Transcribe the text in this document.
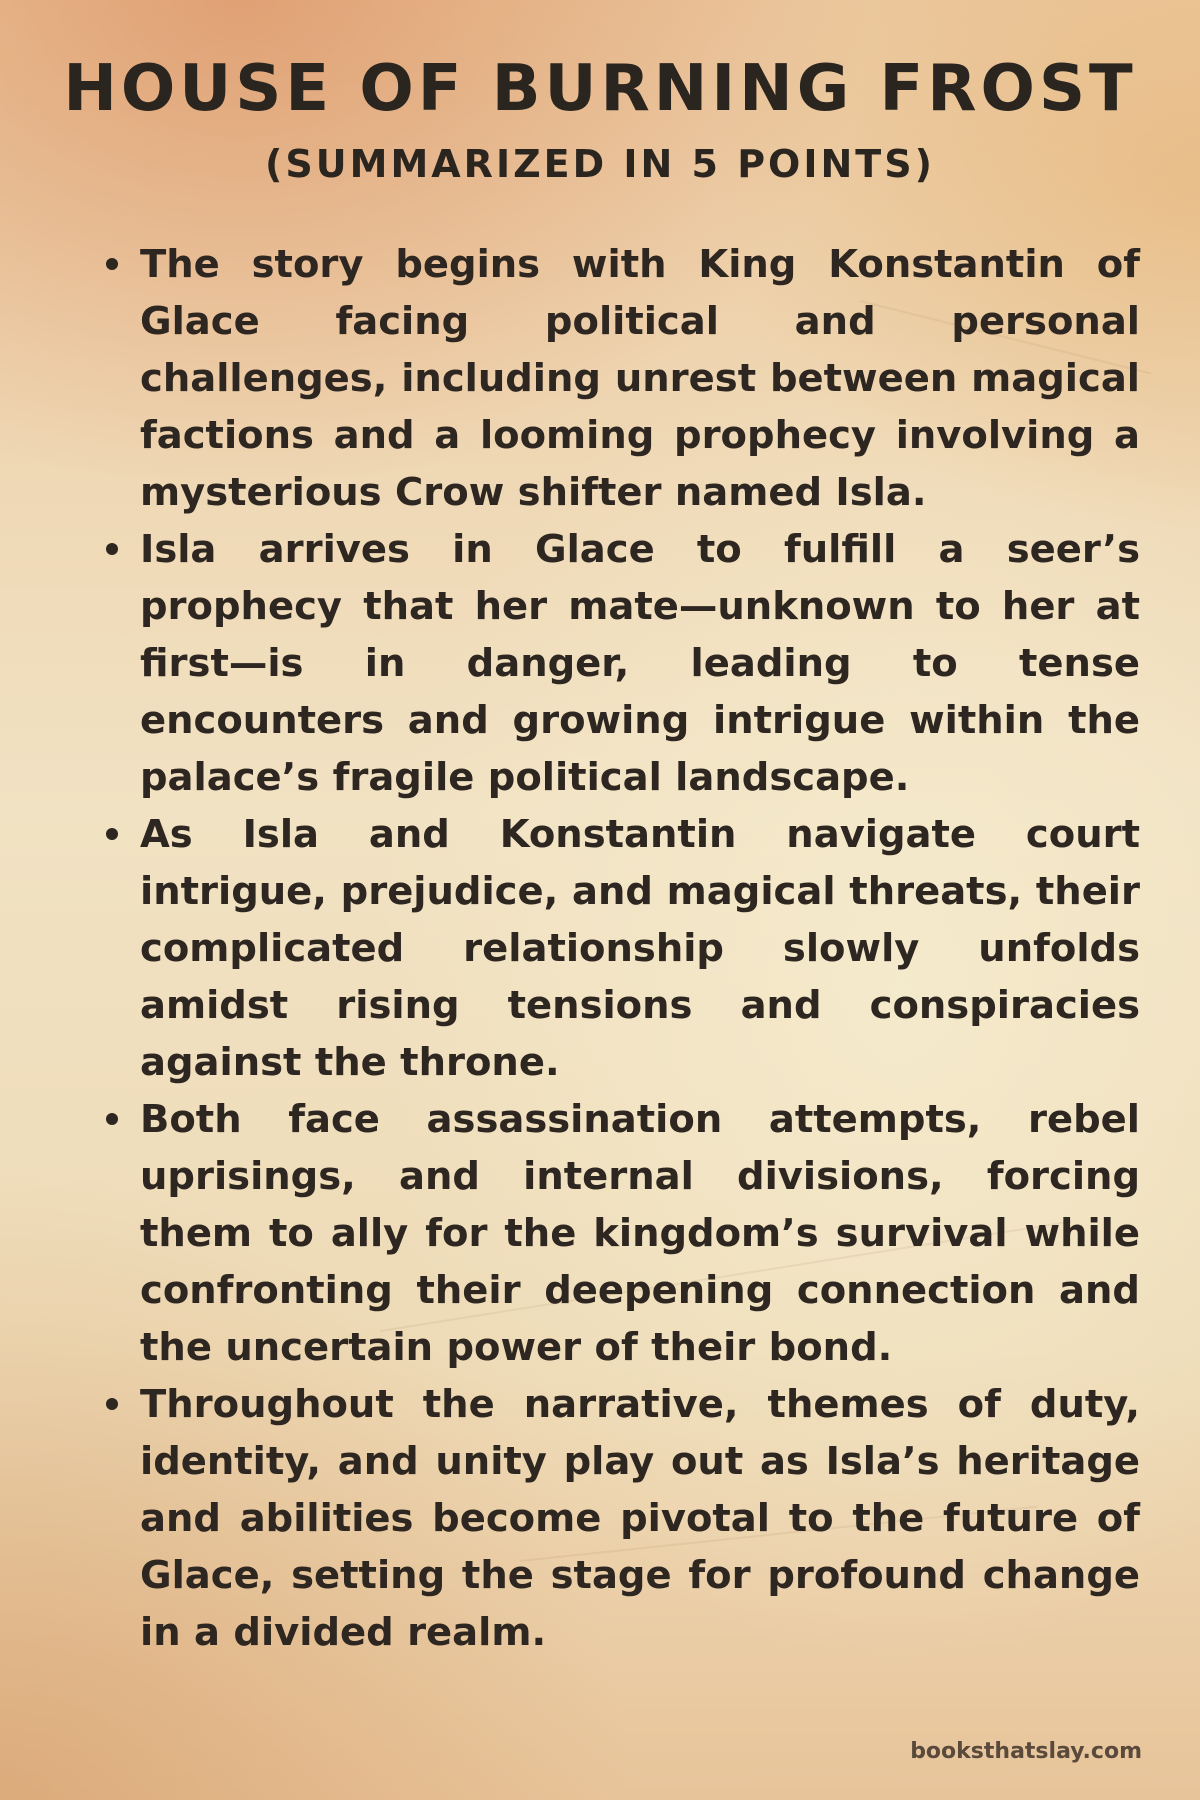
HOUSE OF BURNING FROST
(SUMMARIZED IN 5 POINTS)
The story begins with King Konstantin of Glace facing political and personal challenges, including unrest between magical factions and a looming prophecy involving a mysterious Crow shifter named Isla.
Isla arrives in Glace to fulfill a seer’s prophecy that her mate—unknown to her at first—is in danger, leading to tense encounters and growing intrigue within the palace’s fragile political landscape.
As Isla and Konstantin navigate court intrigue, prejudice, and magical threats, their complicated relationship slowly unfolds amidst rising tensions and conspiracies against the throne.
Both face assassination attempts, rebel uprisings, and internal divisions, forcing them to ally for the kingdom’s survival while confronting their deepening connection and the uncertain power of their bond.
Throughout the narrative, themes of duty, identity, and unity play out as Isla’s heritage and abilities become pivotal to the future of Glace, setting the stage for profound change in a divided realm.
booksthatslay.com
